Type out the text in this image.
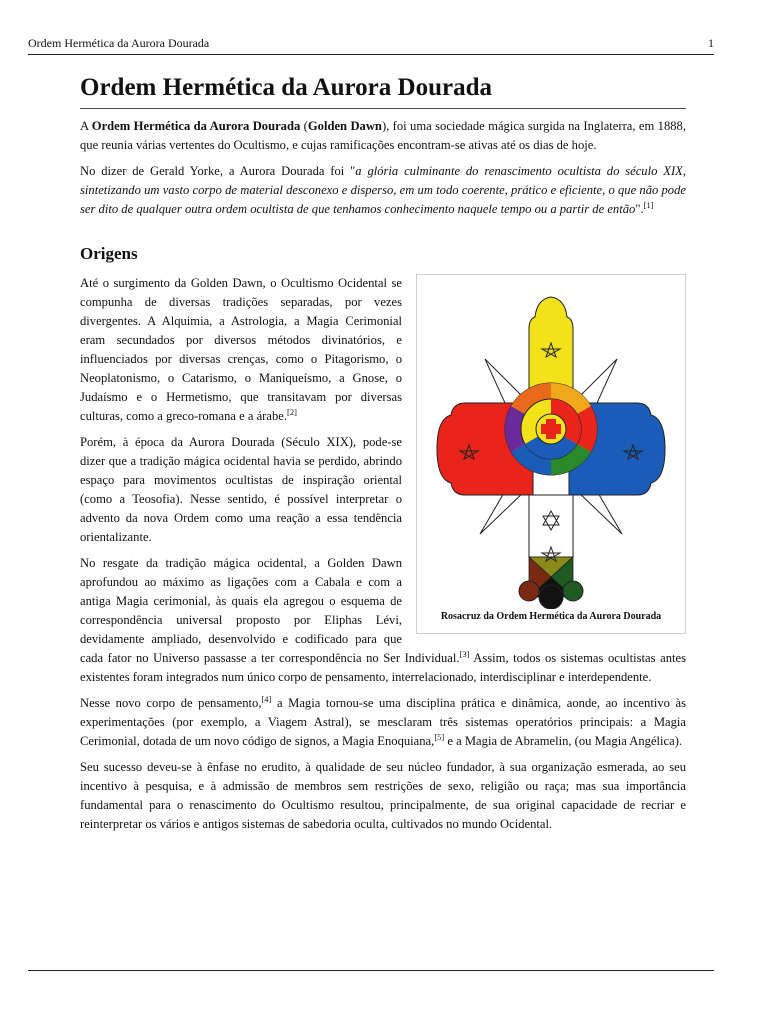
Ordem Hermética da Aurora Dourada	1
Ordem Hermética da Aurora Dourada

A Ordem Hermética da Aurora Dourada (Golden Dawn), foi uma sociedade mágica surgida na Inglaterra, em 1888, que reunia várias vertentes do Ocultismo, e cujas ramificações encontram-se ativas até os dias de hoje.

No dizer de Gerald Yorke, a Aurora Dourada foi "a glória culminante do renascimento ocultista do século XIX, sintetizando um vasto corpo de material desconexo e disperso, em um todo coerente, prático e eficiente, o que não pode ser dito de qualquer outra ordem ocultista de que tenhamos conhecimento naquele tempo ou a partir de então".[1]

Origens
Rosacruz da Ordem Hermética da Aurora Dourada

Até o surgimento da Golden Dawn, o Ocultismo Ocidental se compunha de diversas tradições separadas, por vezes divergentes. A Alquimia, a Astrologia, a Magia Cerimonial eram secundados por diversos métodos divinatórios, e influenciados por diversas crenças, como o Pitagorismo, o Neoplatonismo, o Catarismo, o Maniqueísmo, a Gnose, o Judaísmo e o Hermetismo, que transitavam por diversas culturas, como a greco-romana e a árabe.[2]

Porém, à época da Aurora Dourada (Século XIX), pode-se dizer que a tradição mágica ocidental havia se perdido, abrindo espaço para movimentos ocultistas de inspiração oriental (como a Teosofia). Nesse sentido, é possível interpretar o advento da nova Ordem como uma reação a essa tendência orientalizante.

No resgate da tradição mágica ocidental, a Golden Dawn aprofundou ao máximo as ligações com a Cabala e com a antiga Magia cerimonial, às quais ela agregou o esquema de correspondência universal proposto por Eliphas Lévi, devidamente ampliado, desenvolvido e codificado para que cada fator no Universo passasse a ter correspondência no Ser Individual.[3] Assim, todos os sistemas ocultistas antes existentes foram integrados num único corpo de pensamento, interrelacionado, interdisciplinar e interdependente.

Nesse novo corpo de pensamento,[4] a Magia tornou-se uma disciplina prática e dinâmica, aonde, ao incentivo às experimentações (por exemplo, a Viagem Astral), se mesclaram três sistemas operatórios principais: a Magia Cerimonial, dotada de um novo código de signos, a Magia Enoquiana,[5] e a Magia de Abramelin, (ou Magia Angélica).

Seu sucesso deveu-se à ênfase no erudito, à qualidade de seu núcleo fundador, à sua organização esmerada, ao seu incentivo à pesquisa, e à admissão de membros sem restrições de sexo, religião ou raça; mas sua importância fundamental para o renascimento do Ocultismo resultou, principalmente, de sua original capacidade de recriar e reinterpretar os vários e antigos sistemas de sabedoria oculta, cultivados no mundo Ocidental.
